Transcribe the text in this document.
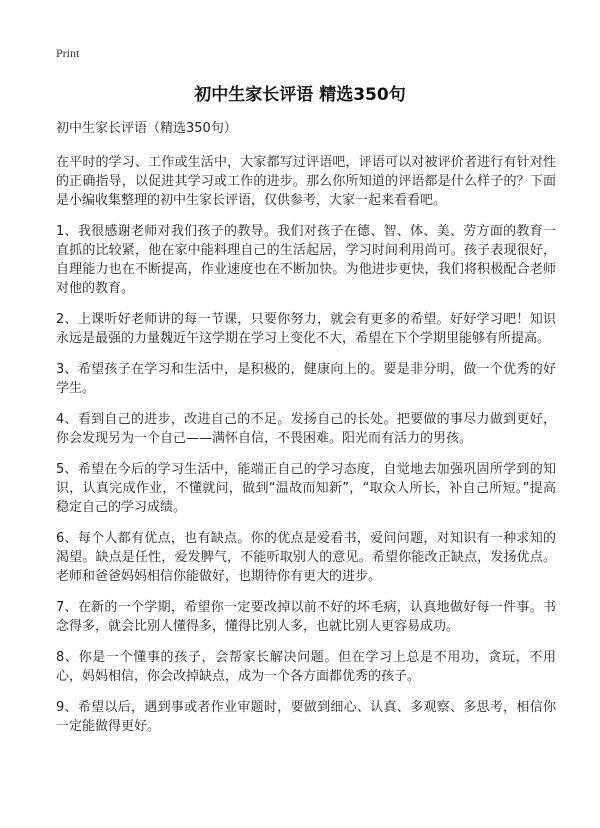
Print
初中生家长评语 精选350句

初中生家长评语（精选350句）

在平时的学习、工作或生活中，大家都写过评语吧，评语可以对被评价者进行有针对性的正确指导，以促进其学习或工作的进步。那么你所知道的评语都是什么样子的？下面是小编收集整理的初中生家长评语，仅供参考，大家一起来看看吧。

1、我很感谢老师对我们孩子的教导。我们对孩子在德、智、体、美、劳方面的教育一直抓的比较紧，他在家中能料理自己的生活起居，学习时间利用尚可。孩子表现很好，自理能力也在不断提高，作业速度也在不断加快。为他进步更快，我们将积极配合老师对他的教育。

2、上课听好老师讲的每一节课，只要你努力，就会有更多的希望。好好学习吧！知识永远是最强的力量魏近午这学期在学习上变化不大，希望在下个学期里能够有所提高。

3、希望孩子在学习和生活中，是积极的，健康向上的。要是非分明，做一个优秀的好学生。

4、看到自己的进步，改进自己的不足。发扬自己的长处。把要做的事尽力做到更好，你会发现另为一个自己——满怀自信，不畏困难。阳光而有活力的男孩。

5、希望在今后的学习生活中，能端正自己的学习态度，自觉地去加强巩固所学到的知识，认真完成作业，不懂就问，做到“温故而知新”，“取众人所长，补自己所短。”提高稳定自己的学习成绩。

6、每个人都有优点，也有缺点。你的优点是爱看书，爱问问题，对知识有一种求知的渴望。缺点是任性，爱发脾气，不能听取别人的意见。希望你能改正缺点，发扬优点。老师和爸爸妈妈相信你能做好，也期待你有更大的进步。

7、在新的一个学期，希望你一定要改掉以前不好的坏毛病，认真地做好每一件事。书念得多，就会比别人懂得多，懂得比别人多，也就比别人更容易成功。

8、你是一个懂事的孩子，会帮家长解决问题。但在学习上总是不用功，贪玩，不用心，妈妈相信，你会改掉缺点，成为一个各方面都优秀的孩子。

9、希望以后，遇到事或者作业审题时，要做到细心、认真、多观察、多思考，相信你一定能做得更好。
